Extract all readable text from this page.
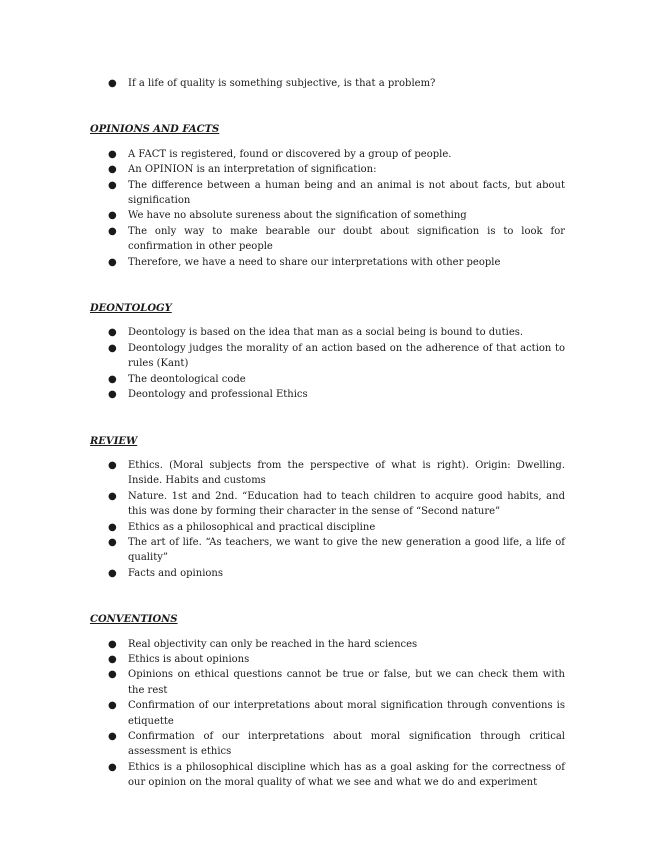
● If a life of quality is something subjective, is that a problem?

OPINIONS AND FACTS

● A FACT is registered, found or discovered by a group of people.
● An OPINION is an interpretation of signification:
● The difference between a human being and an animal is not about facts, but about signification
● We have no absolute sureness about the signification of something
● The only way to make bearable our doubt about signification is to look for confirmation in other people
● Therefore, we have a need to share our interpretations with other people

DEONTOLOGY

● Deontology is based on the idea that man as a social being is bound to duties.
● Deontology judges the morality of an action based on the adherence of that action to rules (Kant)
● The deontological code
● Deontology and professional Ethics

REVIEW

● Ethics. (Moral subjects from the perspective of what is right). Origin: Dwelling. Inside. Habits and customs
● Nature. 1st and 2nd. “Education had to teach children to acquire good habits, and this was done by forming their character in the sense of “Second nature”
● Ethics as a philosophical and practical discipline
● The art of life. “As teachers, we want to give the new generation a good life, a life of quality”
● Facts and opinions

CONVENTIONS

● Real objectivity can only be reached in the hard sciences
● Ethics is about opinions
● Opinions on ethical questions cannot be true or false, but we can check them with the rest
● Confirmation of our interpretations about moral signification through conventions is etiquette
● Confirmation of our interpretations about moral signification through critical assessment is ethics
● Ethics is a philosophical discipline which has as a goal asking for the correctness of our opinion on the moral quality of what we see and what we do and experiment
